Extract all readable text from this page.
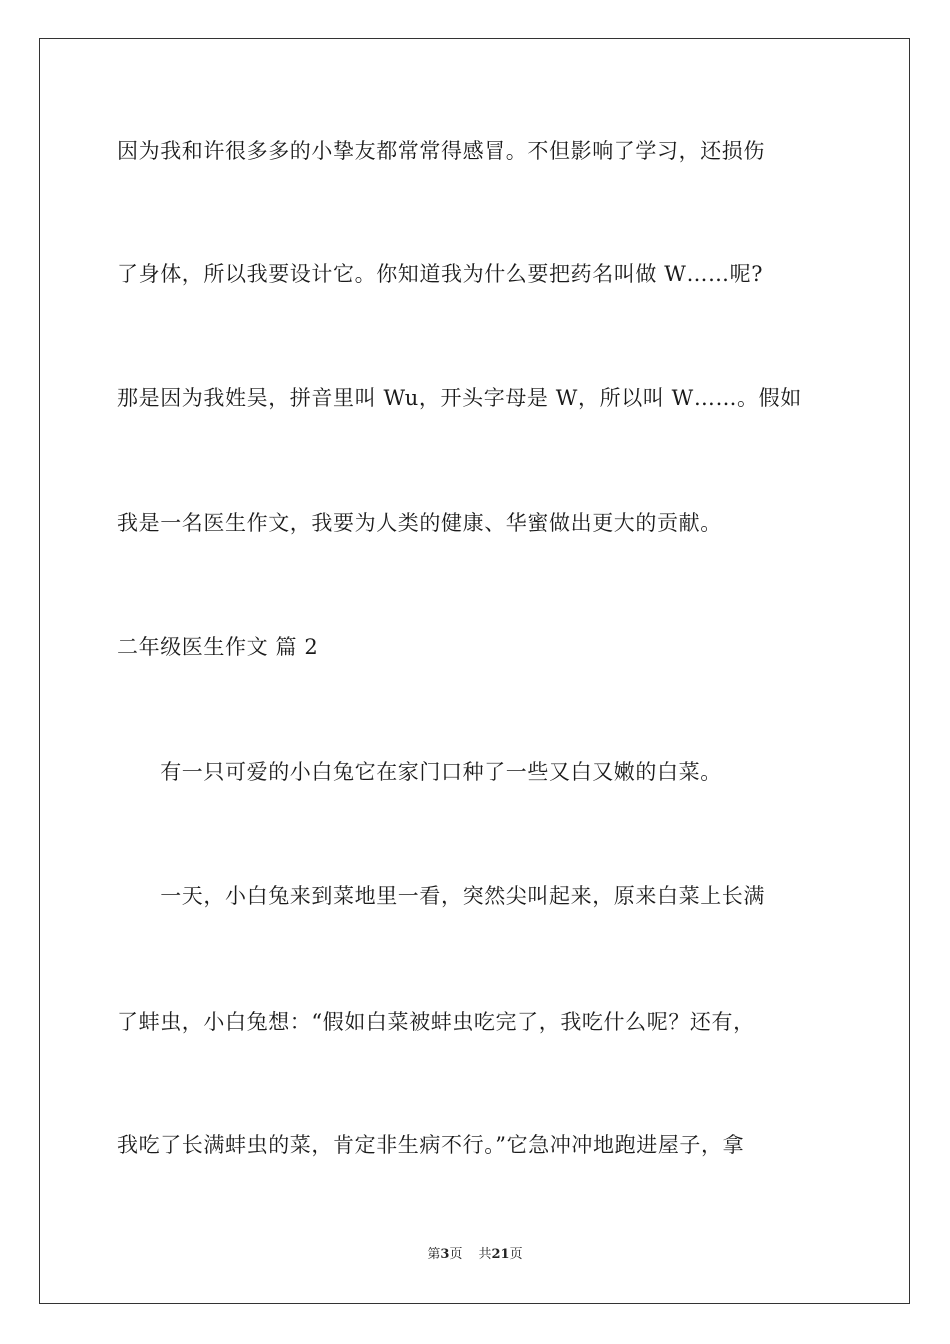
因为我和许很多多的小挚友都常常得感冒。不但影响了学习，还损伤
了身体，所以我要设计它。你知道我为什么要把药名叫做 W……呢?
那是因为我姓吴，拼音里叫 Wu，开头字母是 W，所以叫 W……。假如
我是一名医生作文，我要为人类的健康、华蜜做出更大的贡献。
二年级医生作文 篇 2
　　有一只可爱的小白兔它在家门口种了一些又白又嫩的白菜。
　　一天，小白兔来到菜地里一看，突然尖叫起来，原来白菜上长满
了蚌虫，小白兔想：“假如白菜被蚌虫吃完了，我吃什么呢？还有，
我吃了长满蚌虫的菜，肯定非生病不行。”它急冲冲地跑进屋子，拿
第3页 共21页
